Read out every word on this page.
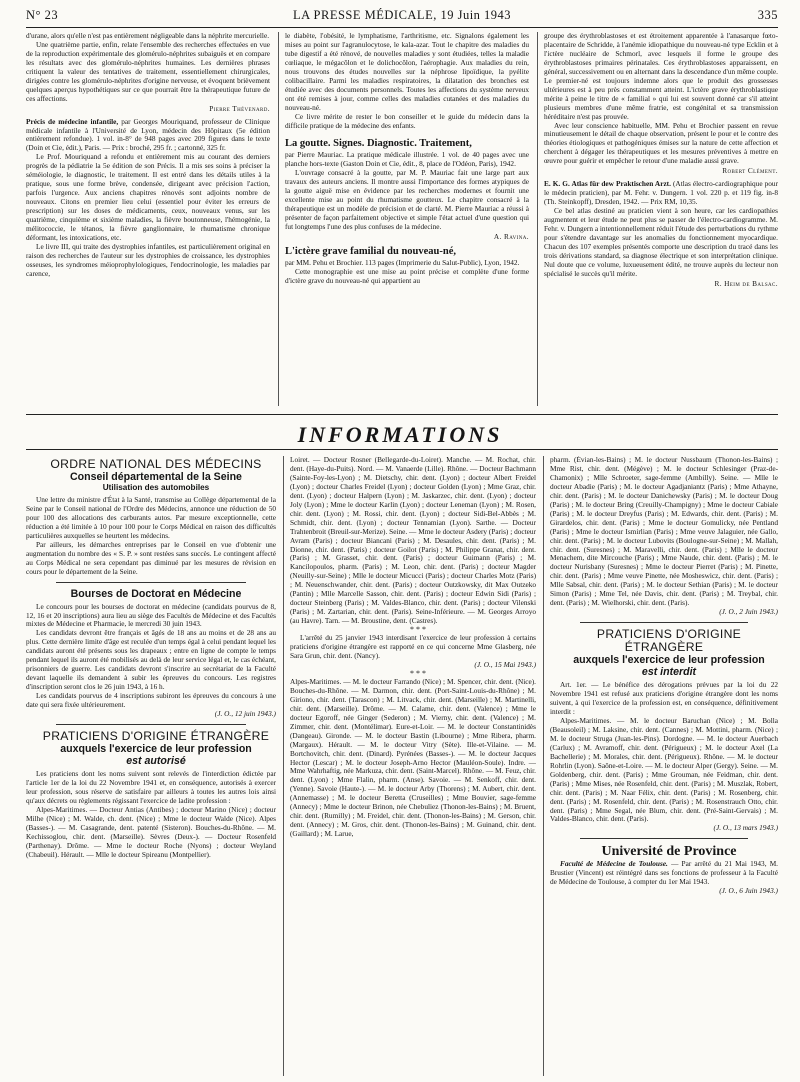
N° 23	LA PRESSE MÉDICALE, 19 Juin 1943	335

d'urane, alors qu'elle n'est pas entièrement négligeable dans la néphrite mercurielle.

Une quatrième partie, enfin, relate l'ensemble des recherches effectuées en vue de la reproduction expérimentale des glomérulo-néphrites subaiguës et en compare les résultats avec des glomérulo-néphrites humaines. Les dernières phrases critiquent la valeur des tentatives de traitement, essentiellement chirurgicales, dirigées contre les glomérulo-néphrites d'origine nerveuse, et évoquent brièvement quelques aperçus hypothétiques sur ce que pourrait être la thérapeutique future de ces affections.

Pierre Thévenard.

Précis de médecine infantile, par Georges Mouriquand, professeur de Clinique médicale infantile à l'Université de Lyon, médecin des Hôpitaux (5e édition entièrement refondue). 1 vol. in-8° de 948 pages avec 209 figures dans le texte (Doin et Cie, édit.), Paris. — Prix : broché, 295 fr. ; cartonné, 325 fr.

Le Prof. Mouriquand a refondu et entièrement mis au courant des derniers progrès de la pédiatrie la 5e édition de son Précis. Il a mis ses soins à préciser la séméiologie, le diagnostic, le traitement. Il est entré dans les détails utiles à la pratique, sous une forme brève, condensée, dirigeant avec précision l'action, parfois l'urgence. Aux anciens chapitres rénovés sont adjoints nombre de nouveaux. Citons en premier lieu celui (essentiel pour éviter les erreurs de prescription) sur les doses de médicaments, ceux, nouveaux venus, sur les quatrième, cinquième et sixième maladies, la fièvre boutonneuse, l'hémogénie, la mélitococcie, le tétanos, la fièvre ganglionnaire, le rhumatisme chronique déformant, les intoxications, etc.

Le livre III, qui traite des dystrophies infantiles, est particulièrement original en raison des recherches de l'auteur sur les dystrophies de croissance, les dystrophies osseuses, les syndromes méioprophylologiques, l'endocrinologie, les maladies par carence,

le diabète, l'obésité, le lymphatisme, l'arthritisme, etc. Signalons également les mises au point sur l'agranulocytose, le kala-azar. Tout le chapitre des maladies du tube digestif a été rénové, de nouvelles maladies y sont étudiées, telles la maladie cœliaque, le mégacôlon et le dolichocôlon, l'aérophagie. Aux maladies du rein, nous trouvons des études nouvelles sur la néphrose lipoïdique, la pyélite colibacillaire. Parmi les maladies respiratoires, la dilatation des bronches est étudiée avec des documents personnels. Toutes les affections du système nerveux ont été remises à jour, comme celles des maladies cutanées et des maladies du nouveau-né.

Ce livre mérite de rester le bon conseiller et le guide du médecin dans la difficile pratique de la médecine des enfants.

La goutte. Signes. Diagnostic. Traitement,

par Pierre Mauriac. La pratique médicale illustrée. 1 vol. de 40 pages avec une planche hors-texte (Gaston Doin et Cie, édit., 8, place de l'Odéon, Paris), 1942.

L'ouvrage consacré à la goutte, par M. P. Mauriac fait une large part aux travaux des auteurs anciens. Il montre aussi l'importance des formes atypiques de la goutte aiguë mise en évidence par les recherches modernes et fournit une excellente mise au point du rhumatisme goutteux. Le chapitre consacré à la thérapeutique est un modèle de précision et de clarté. M. Pierre Mauriac a réussi à présenter de façon parfaitement objective et simple l'état actuel d'une question qui fut longtemps l'une des plus confuses de la médecine.

A. Ravina.

L'ictère grave familial du nouveau-né,

par MM. Pehu et Brochier. 113 pages (Imprimerie du Salut-Public), Lyon, 1942.

Cette monographie est une mise au point précise et complète d'une forme d'ictère grave du nouveau-né qui appartient au

groupe des érythroblastoses et est étroitement apparentée à l'anasarque fœto-placentaire de Schridde, à l'anémie idiopathique du nouveau-né type Ecklin et à l'ictère nucléaire de Schmorl, avec lesquels il forme le groupe des érythroblastoses primaires périnatales. Ces érythroblastoses apparaissent, en général, successivement ou en alternant dans la descendance d'un même couple. Le premier-né est toujours indemne alors que le produit des grossesses ultérieures est à peu près constamment atteint. L'ictère grave érythroblastique mérite à peine le titre de « familial » qui lui est souvent donné car s'il atteint plusieurs membres d'une même fratrie, est congénital et sa transmission héréditaire n'est pas prouvée.

Avec leur conscience habituelle, MM. Pehu et Brochier passent en revue minutieusement le détail de chaque observation, présent le pour et le contre des théories étiologiques et pathogéniques émises sur la nature de cette affection et cherchent à dégager les thérapeutiques et les mesures préventives à mettre en œuvre pour guérir et empêcher le retour d'une maladie aussi grave.

Robert Clément.

E. K. G. Atlas für dew Praktischen Arzt. (Atlas électro-cardiographique pour le médecin praticien), par M. Fehr. v. Dungern. 1 vol. 220 p. et 119 fig. in-8 (Th. Steinkopff), Dresden, 1942. — Prix RM, 10,35.

Ce bel atlas destiné au praticien vient à son heure, car les cardiopathies augmentent et leur étude ne peut plus se passer de l'électro-cardiogramme. M. Fehr. v. Dungern a intentionnellement réduit l'étude des perturbations du rythme pour s'étendre davantage sur les anomalies du fonctionnement myocardique. Chacun des 107 exemples présentés comporte une description du tracé dans les trois dérivations standard, sa diagnose électrique et son interprétation clinique. Nul doute que ce volume, luxueusement édité, ne trouve auprès du lecteur non spécialisé le succès qu'il mérite.

R. Heim de Balsac.

INFORMATIONS

ORDRE NATIONAL DES MÉDECINS

Conseil départemental de la Seine

Utilisation des automobiles

Une lettre du ministre d'État à la Santé, transmise au Collège départemental de la Seine par le Conseil national de l'Ordre des Médecins, annonce une réduction de 50 pour 100 des allocations des carburants autos. Par mesure exceptionnelle, cette réduction a été limitée à 10 pour 100 pour le Corps Médical en raison des difficultés particulières auxquelles se heurtent les médecins.

Par ailleurs, les démarches entreprises par le Conseil en vue d'obtenir une augmentation du nombre des « S. P. » sont restées sans succès. Le contingent affecté au Corps Médical ne sera cependant pas diminué par les mesures de révision en cours pour le département de la Seine.

Bourses de Doctorat en Médecine

Le concours pour les bourses de doctorat en médecine (candidats pourvus de 8, 12, 16 et 20 inscriptions) aura lieu au siège des Facultés de Médecine et des Facultés mixtes de Médecine et Pharmacie, le mercredi 30 juin 1943.

Les candidats devront être français et âgés de 18 ans au moins et de 28 ans au plus. Cette dernière limite d'âge est reculée d'un temps égal à celui pendant lequel les candidats auront été présents sous les drapeaux ; entre en ligne de compte le temps pendant lequel ils auront été mobilisés au delà de leur service légal et, le cas échéant, prisonniers de guerre. Les candidats devront s'inscrire au secrétariat de la Faculté devant laquelle ils demandent à subir les épreuves du concours. Les registres d'inscription seront clos le 26 juin 1943, à 16 h.

Les candidats pourvus de 4 inscriptions subiront les épreuves du concours à une date qui sera fixée ultérieurement.

(J. O., 12 juin 1943.)

PRATICIENS D'ORIGINE ÉTRANGÈRE

auxquels l'exercice de leur profession

est autorisé

Les praticiens dont les noms suivent sont relevés de l'interdiction édictée par l'article 1er de la loi du 22 Novembre 1941 et, en conséquence, autorisés à exercer leur profession, sous réserve de satisfaire par ailleurs à toutes les autres lois ainsi qu'aux décrets ou règlements régissant l'exercice de ladite profession :

Alpes-Maritimes. — Docteur Antias (Antibes) ; docteur Marino (Nice) ; docteur Milhe (Nice) ; M. Walde, ch. dent. (Nice) ; Mme le docteur Walde (Nice). Alpes (Basses-). — M. Casagrande, dent. patenté (Sisteron). Bouches-du-Rhône. — M. Kechissoglou, chir. dent. (Marseille). Sèvres (Deux-). — Docteur Rosenfeld (Parthenay). Drôme. — Mme le docteur Roche (Nyons) ; docteur Weyland (Chabeuil). Hérault. — Mlle le docteur Spireanu (Montpellier).

Loiret. — Docteur Rosner (Bellegarde-du-Loiret). Manche. — M. Rochat, chir. dent. (Haye-du-Puits). Nord. — M. Vanaerde (Lille). Rhône. — Docteur Bachmann (Sainte-Foy-les-Lyon) ; M. Dietschy, chir. dent. (Lyon) ; docteur Albert Freidel (Lyon) ; docteur Charles Freidel (Lyon) ; docteur Golden (Lyon) ; Mme Graz, chir. dent. (Lyon) ; docteur Halpern (Lyon) ; M. Jaskarzec, chir. dent. (Lyon) ; docteur Joly (Lyon) ; Mme le docteur Karlin (Lyon) ; docteur Leneman (Lyon) ; M. Rosen, chir. dent. (Lyon) ; M. Rossi, chir. dent. (Lyon) ; docteur Sidi-Bel-Abbès ; M. Schmidt, chir. dent. (Lyon) ; docteur Tennamian (Lyon). Sarthe. — Docteur Trahtenbroit (Breuil-sur-Merize). Seine. — Mme le docteur Asdery (Paris) ; docteur Avram (Paris) ; docteur Biancani (Paris) ; M. Desaules, chir. dent. (Paris) ; M. Dionne, chir. dent. (Paris) ; docteur Goilot (Paris) ; M. Philippe Granat, chir. dent. (Paris) ; M. Grasset, chir. dent. (Paris) ; docteur Guimann (Paris) ; M. Kancilopoulos, pharm. (Paris) ; M. Leon, chir. dent. (Paris) ; docteur Magder (Neuilly-sur-Seine) ; Mlle le docteur Micucci (Paris) ; docteur Charles Motz (Paris) ; M. Neuenschwander, chir. dent. (Paris) ; docteur Outzkowsky, dit Max Outzeko (Pantin) ; Mlle Marcelle Sasson, chir. dent. (Paris) ; docteur Edwin Sidi (Paris) ; docteur Steinberg (Paris) ; M. Valdes-Blanco, chir. dent. (Paris) ; docteur Vilenski (Paris) ; M. Zartarian, chir. dent. (Paris). Seine-Inférieure. — M. Georges Arroyo (au Havre). Tarn. — M. Broustine, dent. (Castres).

* * *

L'arrêté du 25 janvier 1943 interdisant l'exercice de leur profession à certains praticiens d'origine étrangère est rapporté en ce qui concerne Mme Glasberg, née Sara Grun, chir. dent. (Nancy).

(J. O., 15 Mai 1943.)

* * *

Alpes-Maritimes. — M. le docteur Farrando (Nice) ; M. Spencer, chir. dent. (Nice). Bouches-du-Rhône. — M. Darmon, chir. dent. (Port-Saint-Louis-du-Rhône) ; M. Giriono, chir. dent. (Tarascon) ; M. Litvack, chir. dent. (Marseille) ; M. Martinelli, chir. dent. (Marseille). Drôme. — M. Calame, chir. dent. (Valence) ; Mme le docteur Egoroff, née Ginger (Sederon) ; M. Vierny, chir. dent. (Valence) ; M. Zimmer, chir. dent. (Montélimar). Eure-et-Loir. — M. le docteur Constantinidès (Dangeau). Gironde. — M. le docteur Bastin (Libourne) ; Mme Ribera, pharm. (Margaux). Hérault. — M. le docteur Vitry (Sète). Ille-et-Vilaine. — M. Bortchovitch, chir. dent. (Dinard). Pyrénées (Basses-). — M. le docteur Jacques Hector (Lescar) ; M. le docteur Joseph-Arno Hector (Mauléon-Soule). Indre. — Mme Wahrhaftig, née Markuza, chir. dent. (Saint-Marcel). Rhône. — M. Feuz, chir. dent. (Lyon) ; Mme Flalin, pharm. (Anse). Savoie. — M. Senkoff, chir. dent. (Yenne). Savoie (Haute-). — M. le docteur Arby (Thorens) ; M. Aubert, chir. dent. (Annemasse) ; M. le docteur Beretta (Cruseilles) ; Mme Bouvier, sage-femme (Annecy) ; Mme le docteur Brinon, née Chebuliez (Thonon-les-Bains) ; M. Bruent, chir. dent. (Rumilly) ; M. Freidel, chir. dent. (Thonon-les-Bains) ; M. Gerson, chir. dent. (Annecy) ; M. Gros, chir. dent. (Thonon-les-Bains) ; M. Guinand, chir. dent. (Gaillard) ; M. Larue,

pharm. (Évian-les-Bains) ; M. le docteur Nussbaum (Thonon-les-Bains) ; Mme Rist, chir. dent. (Mégève) ; M. le docteur Schlesinger (Praz-de-Chamonix) ; Mlle Schroeter, sage-femme (Ambilly). Seine. — Mlle le docteur Abadie (Paris) ; M. le docteur Agadjaniantz (Paris) ; Mme Athayne, chir. dent. (Paris) ; M. le docteur Danichewsky (Paris) ; M. le docteur Doug (Paris) ; M. le docteur Bring (Creuilly-Champigny) ; Mme le docteur Cabiale (Paris) ; M. le docteur Dreyfus (Paris) ; M. Edwards, chir. dent. (Paris) ; M. Girardelos, chir. dent. (Paris) ; Mme le docteur Gomulicky, née Pentland (Paris) ; Mme le docteur Ismirlian (Paris) ; Mme veuve Jalaguier, née Gallo, chir. dent. (Paris) ; M. le docteur Lubovits (Boulogne-sur-Seine) ; M. Mallah, chir. dent. (Suresnes) ; M. Maravelli, chir. dent. (Paris) ; Mlle le docteur Menachem, dite Mircouche (Paris) ; Mme Naude, chir. dent. (Paris) ; M. le docteur Nurisbany (Suresnes) ; Mme le docteur Pierret (Paris) ; M. Pinette, chir. dent. (Paris) ; Mme veuve Pinette, née Mosheswicz, chir. dent. (Paris) ; Mlle Sabsal, chir. dent. (Paris) ; M. le docteur Sethian (Paris) ; M. le docteur Simon (Paris) ; Mme Tel, née Davis, chir. dent. (Paris) ; M. Treybal, chir. dent. (Paris) ; M. Wielhorski, chir. dent. (Paris).

(J. O., 2 Juin 1943.)

PRATICIENS D'ORIGINE ÉTRANGÈRE

auxquels l'exercice de leur profession

est interdit

Art. 1er. — Le bénéfice des dérogations prévues par la loi du 22 Novembre 1941 est refusé aux praticiens d'origine étrangère dont les noms suivent, à qui l'exercice de la profession est, en conséquence, définitivement interdit :

Alpes-Maritimes. — M. le docteur Baruchan (Nice) ; M. Bolla (Beausoleil) ; M. Laksine, chir. dent. (Cannes) ; M. Mottini, pharm. (Nice) ; M. le docteur Struga (Juan-les-Pins). Dordogne. — M. le docteur Auerbach (Carlux) ; M. Avramoff, chir. dent. (Périgueux) ; M. le docteur Axel (La Bachellerie) ; M. Morales, chir. dent. (Périgueux). Rhône. — M. le docteur Rohrlin (Lyon). Saône-et-Loire. — M. le docteur Alper (Gergy). Seine. — M. Goldenberg, chir. dent. (Paris) ; Mme Grouman, née Feidman, chir. dent. (Paris) ; Mme Mises, née Rosenfeld, chir. dent. (Paris) ; M. Muszlak, Robert, chir. dent. (Paris) ; M. Naar Félix, chir. dent. (Paris) ; M. Rosenberg, chir. dent. (Paris) ; M. Rosenfeld, chir. dent. (Paris) ; M. Rosenstrauch Otto, chir. dent. (Paris) ; Mme Segal, née Blum, chir. dent. (Pré-Saint-Gervais) ; M. Valdes-Blanco, chir. dent. (Paris).

(J. O., 13 mars 1943.)

Université de Province

Faculté de Médecine de Toulouse. — Par arrêté du 21 Mai 1943, M. Brustier (Vincent) est réintégré dans ses fonctions de professeur à la Faculté de Médecine de Toulouse, à compter du 1er Mai 1943.

(J. O., 6 Juin 1943.)
